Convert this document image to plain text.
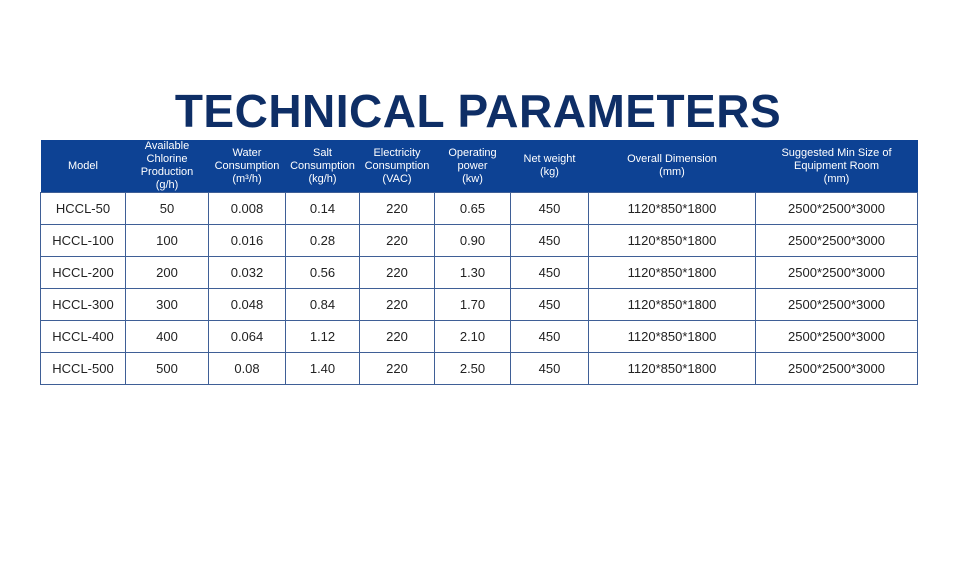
TECHNICAL PARAMETERS
Model	Available Chlorine
Production
(g/h)	Water
Consumption
(m³/h)	Salt
Consumption
(kg/h)	Electricity
Consumption
(VAC)	Operating
power
(kw)	Net weight
(kg)	Overall Dimension
(mm)	Suggested Min Size of
Equipment Room
(mm)

HCCL-50	50	0.008	0.14	220	0.65	450	1120*850*1800	2500*2500*3000
HCCL-100	100	0.016	0.28	220	0.90	450	1120*850*1800	2500*2500*3000
HCCL-200	200	0.032	0.56	220	1.30	450	1120*850*1800	2500*2500*3000
HCCL-300	300	0.048	0.84	220	1.70	450	1120*850*1800	2500*2500*3000
HCCL-400	400	0.064	1.12	220	2.10	450	1120*850*1800	2500*2500*3000
HCCL-500	500	0.08	1.40	220	2.50	450	1120*850*1800	2500*2500*3000
